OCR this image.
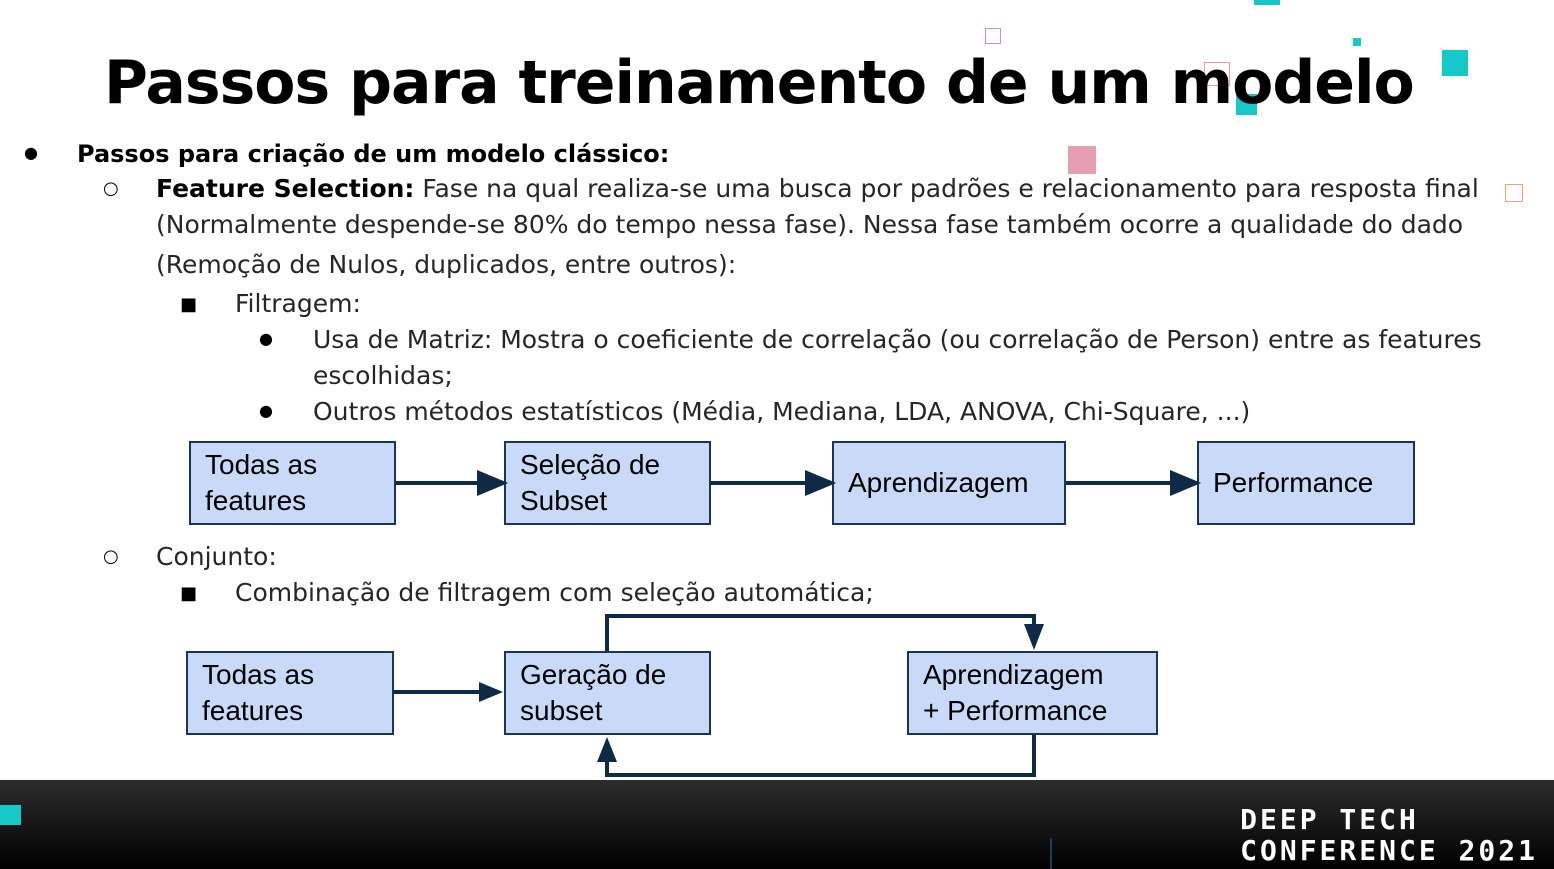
Passos para treinamento de um modelo
● Passos para criação de um modelo clássico:
○ Feature Selection: Fase na qual realiza-se uma busca por padrões e relacionamento para resposta final
(Normalmente despende-se 80% do tempo nessa fase). Nessa fase também ocorre a qualidade do dado
(Remoção de Nulos, duplicados, entre outros):
■ Filtragem:
● Usa de Matriz: Mostra o coeficiente de correlação (ou correlação de Person) entre as features
escolhidas;
● Outros métodos estatísticos (Média, Mediana, LDA, ANOVA, Chi-Square, ...)
Todas as
features
Seleção de
Subset
Aprendizagem	Performance
○ Conjunto:
■ Combinação de filtragem com seleção automática;
Todas as
features
Geração de
subset
Aprendizagem
+ Performance
DEEP TECH
CONFERENCE 2021
